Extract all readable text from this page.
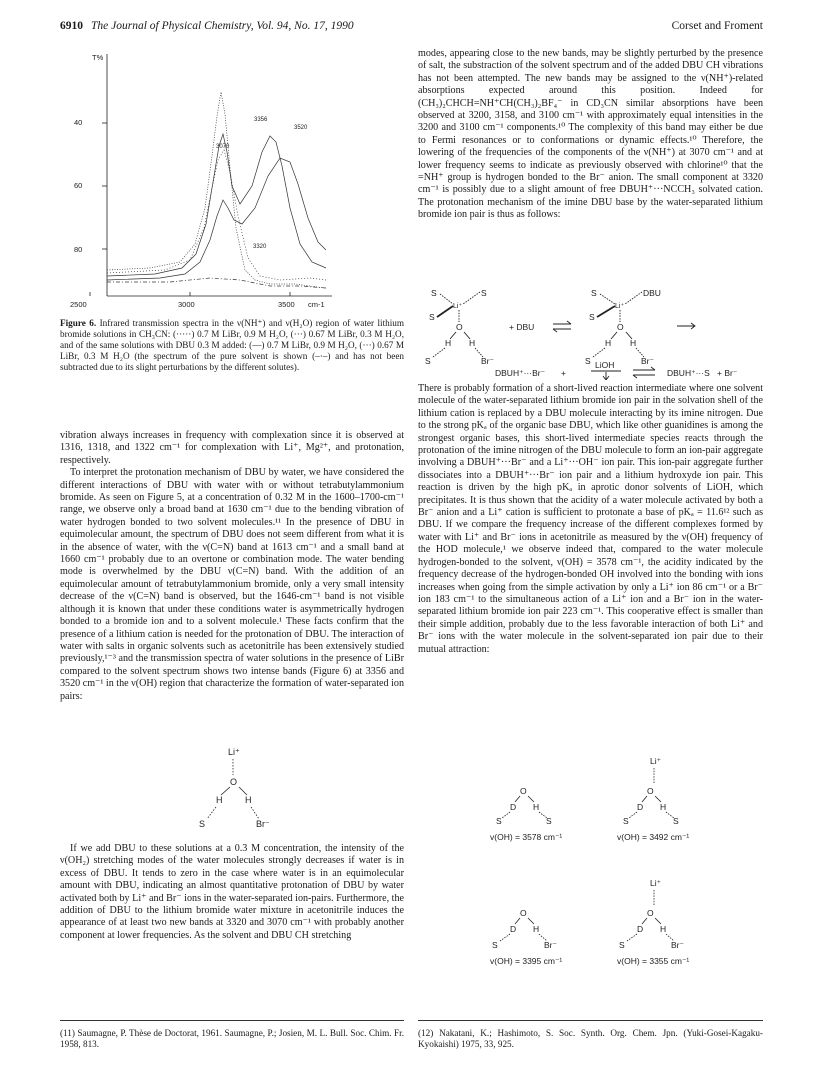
6910 The Journal of Physical Chemistry, Vol. 94, No. 17, 1990	Corset and Froment
T%
40
60
80
2500	3000	3500 cm-1
3356
3520
3070
3320
Figure 6. Infrared transmission spectra in the ν(NH⁺) and ν(H₂O) region of water lithium bromide solutions in CH₃CN: (·····) 0.7 M LiBr, 0.9 M H₂O, (···) 0.67 M LiBr, 0.3 M H₂O, and of the same solutions with DBU 0.3 M added: (—) 0.7 M LiBr, 0.9 M H₂O, (···) 0.67 M LiBr, 0.3 M H₂O (the spectrum of the pure solvent is shown (–·–) and has not been subtracted due to its slight perturbations by the different solutes).

vibration always increases in frequency with complexation since it is observed at 1316, 1318, and 1322 cm⁻¹ for complexation with Li⁺, Mg²⁺, and protonation, respectively.

To interpret the protonation mechanism of DBU by water, we have considered the different interactions of DBU with water with or without tetrabutylammonium bromide. As seen on Figure 5, at a concentration of 0.32 M in the 1600–1700-cm⁻¹ range, we observe only a broad band at 1630 cm⁻¹ due to the bending vibration of water hydrogen bonded to two solvent molecules.¹¹ In the presence of DBU in equimolecular amount, the spectrum of DBU does not seem different from what it is in the absence of water, with the ν(C=N) band at 1613 cm⁻¹ and a small band at 1660 cm⁻¹ probably due to an overtone or combination mode. The water bending mode is overwhelmed by the DBU ν(C=N) band. With the addition of an equimolecular amount of tetrabutylammonium bromide, only a very small intensity decrease of the ν(C=N) band is observed, but the 1646-cm⁻¹ band is not visible although it is known that under these conditions water is asymmetrically hydrogen bonded to a bromide ion and to a solvent molecule.¹ These facts confirm that the presence of a lithium cation is needed for the protonation of DBU. The interaction of water with salts in organic solvents such as acetonitrile has been extensively studied previously,¹⁻³ and the transmission spectra of water solutions in the presence of LiBr compared to the solvent spectrum shows two intense bands (Figure 6) at 3356 and 3520 cm⁻¹ in the ν(OH) region that characterize the formation of water-separated ion pairs:

Li⁺
O
H	H
S	Br⁻

If we add DBU to these solutions at a 0.3 M concentration, the intensity of the ν(OH₂) stretching modes of the water molecules strongly decreases if water is in excess of DBU. It tends to zero in the case where water is in an equimolecular amount with DBU, indicating an almost quantitative protonation of DBU by water activated both by Li⁺ and Br⁻ ions in the water-separated ion-pairs. Furthermore, the addition of DBU to the lithium bromide water mixture in acetonitrile induces the appearance of at least two new bands at 3320 and 3070 cm⁻¹ with probably another component at lower frequencies. As the solvent and DBU CH stretching

modes, appearing close to the new bands, may be slightly perturbed by the presence of salt, the substraction of the solvent spectrum and of the added DBU CH vibrations has not been attempted. The new bands may be assigned to the ν(NH⁺)-related absorptions expected around this position. Indeed for (CH₃)₂CHCH=NH⁺CH(CH₃)₂BF₄⁻ in CD₃CN similar absorptions have been observed at 3200, 3158, and 3100 cm⁻¹ with approximately equal intensities in the 3200 and 3100 cm⁻¹ components.¹⁰ The complexity of this band may either be due to Fermi resonances or to conformations or dynamic effects.¹⁰ Therefore, the lowering of the frequencies of the components of the ν(NH⁺) at 3070 cm⁻¹ and at lower frequency seems to indicate as previously observed with chlorine¹⁰ that the =NH⁺ group is hydrogen bonded to the Br⁻ anion. The small component at 3320 cm⁻¹ is possibly due to a slight amount of free DBUH⁺···NCCH₃ solvated cation. The protonation mechanism of the imine DBU base by the water-separated lithium bromide ion pair is thus as follows:

S	S
Li⁺
S
O
H H
S	Br⁻
+ DBU
S	DBU
Li⁺
S
O
H H
S	Br⁻
DBUH⁺···Br⁻ +
LiOH
DBUH⁺···S + Br⁻

There is probably formation of a short-lived reaction intermediate where one solvent molecule of the water-separated lithium bromide ion pair in the solvation shell of the lithium cation is replaced by a DBU molecule interacting by its imine nitrogen. Due to the strong pKₐ of the organic base DBU, which like other guanidines is among the strongest organic bases, this short-lived intermediate species reacts through the protonation of the imine nitrogen of the DBU molecule to form an ion-pair aggregate involving a DBUH⁺···Br⁻ and a Li⁺···OH⁻ ion pair. This ion-pair aggregate further dissociates into a DBUH⁺···Br⁻ ion pair and a lithium hydroxyde ion pair. This reaction is driven by the high pKₐ in aprotic donor solvents of LiOH, which precipitates. It is thus shown that the acidity of a water molecule activated by both a Br⁻ anion and a Li⁺ cation is sufficient to protonate a base of pKₐ = 11.6¹² such as DBU. If we compare the frequency increase of the different complexes formed by water with Li⁺ and Br⁻ ions in acetonitrile as measured by the ν(OH) frequency of the HOD molecule,¹ we observe indeed that, compared to the water molecule hydrogen-bonded to the solvent, ν(OH) = 3578 cm⁻¹, the acidity indicated by the frequency decrease of the hydrogen-bonded OH involved into the bonding with ions increases when going from the simple activation by only a Li⁺ ion 86 cm⁻¹ or a Br⁻ ion 183 cm⁻¹ to the simultaneous action of a Li⁺ ion and a Br⁻ ion in the water-separated lithium bromide ion pair 223 cm⁻¹. This cooperative effect is smaller than their simple addition, probably due to the less favorable interaction of both Li⁺ and Br⁻ ions with the water molecule in the solvent-separated ion pair due to their mutual attraction:

O
D H
S	S
v(OH) = 3578 cm⁻¹
Li⁺
O
D H
S	S
v(OH) = 3492 cm⁻¹
O
D H
S	Br⁻
v(OH) = 3395 cm⁻¹
Li⁺
O
D H
S	Br⁻
v(OH) = 3355 cm⁻¹
(11) Saumagne, P. Thèse de Doctorat, 1961. Saumagne, P.; Josien, M. L. Bull. Soc. Chim. Fr. 1958, 813.
(12) Nakatani, K.; Hashimoto, S. Soc. Synth. Org. Chem. Jpn. (Yuki-Gosei-Kagaku-Kyokaishi) 1975, 33, 925.
